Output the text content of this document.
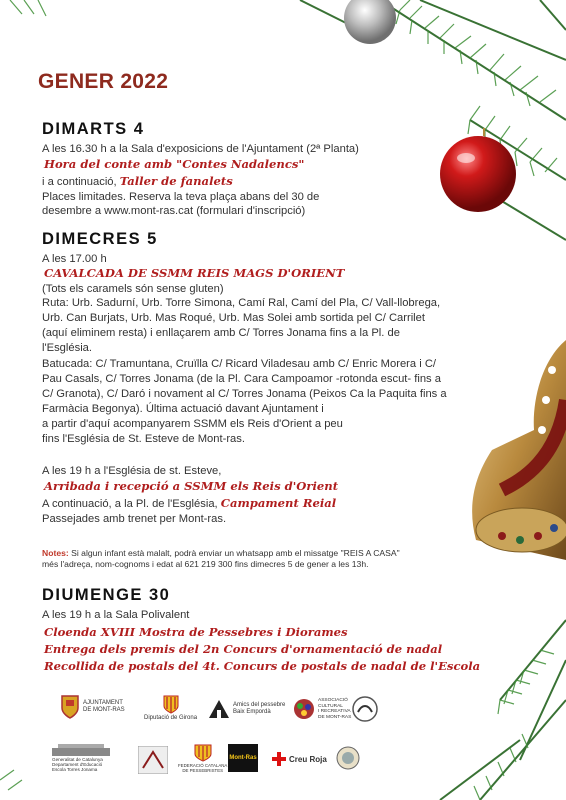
GENER 2022
DIMARTS 4
A les 16.30 h a la Sala d'exposicions de l'Ajuntament (2ª Planta)
Hora del conte amb "Contes Nadalencs"
i a continuació, Taller de fanalets
Places limitades. Reserva la teva plaça abans del 30 de
desembre a www.mont-ras.cat (formulari d'inscripció)
DIMECRES 5
A les 17.00 h
CAVALCADA DE SSMM REIS MAGS D'ORIENT
(Tots els caramels són sense gluten)
Ruta: Urb. Sadurní, Urb. Torre Simona, Camí Ral, Camí del Pla, C/ Vall-llobrega,
Urb. Can Burjats, Urb. Mas Roqué, Urb. Mas Solei amb sortida pel C/ Carrilet
(aquí eliminem resta) i enllaçarem amb C/ Torres Jonama fins a la Pl. de
l'Església.
Batucada: C/ Tramuntana, Cruïlla C/ Ricard Viladesau amb C/ Enric Morera i C/
Pau Casals, C/ Torres Jonama (de la Pl. Cara Campoamor -rotonda escut- fins a
C/ Granota), C/ Daró i novament al C/ Torres Jonama (Peixos Ca la Paquita fins a
Farmàcia Begonya). Última actuació davant Ajuntament i
a partir d'aquí acompanyarem SSMM els Reis d'Orient a peu
fins l'Església de St. Esteve de Mont-ras.
A les 19 h a l'Església de st. Esteve,
Arribada i recepció a SSMM els Reis d'Orient
A continuació, a la Pl. de l'Església, Campament Reial
Passejades amb trenet per Mont-ras.
Notes: Si algun infant està malalt, podrà enviar un whatsapp amb el missatge "REIS A CASA"
més l'adreça, nom-cognoms i edat al 621 219 300 fins dimecres 5 de gener a les 13h.
DIUMENGE 30
A les 19 h a la Sala Polivalent
Cloenda XVIII Mostra de Pessebres i Diorames
Entrega dels premis del 2n Concurs d'ornamentació de nadal
Recollida de postals del 4t. Concurs de postals de nadal de l'Escola
AJUNTAMENT
DE MONT-RAS
Diputació de Girona
Amics del pessebre
Baix Empordà
ASSOCIACIÓ
CULTURAL
I RECREATIVA
DE MONT-RAS
Generalitat de Catalunya
Departament d'Educació
Escola Torres Jonama
FEDERACIÓ CATALANA
DE PESSEBRISTES
Mont-Ras	Creu Roja
